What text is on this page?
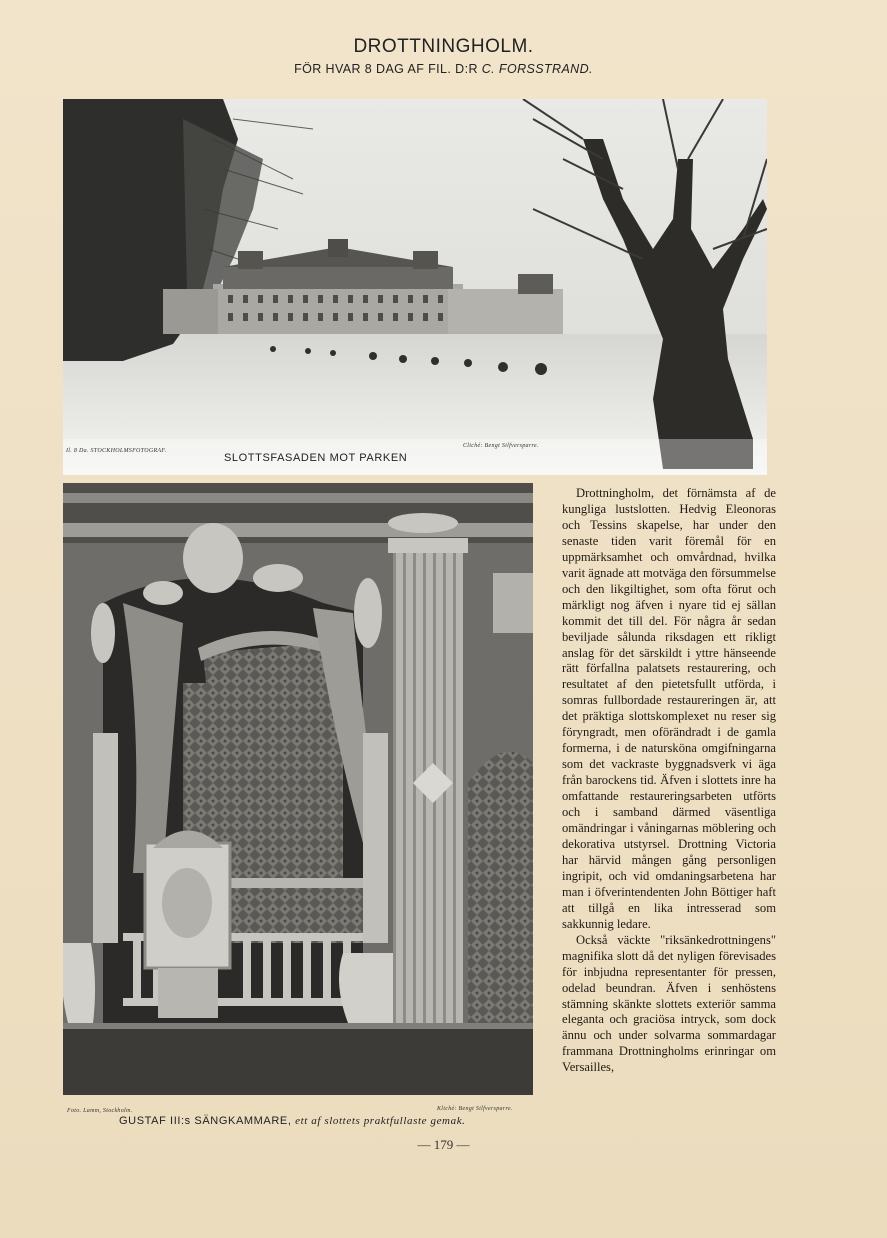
DROTTNINGHOLM.
FÖR HVAR 8 DAG AF FIL. D:R C. FORSSTRAND.
Il. 8 Da. STOCKHOLMSFOTOGRAF.
SLOTTSFASADEN MOT PARKEN
Cliché: Bengt Silfversparre.
Foto. Lamm, Stockholm.	Kliché: Bengt Silfversparre.
GUSTAF III:s SÄNGKAMMARE, ett af slottets praktfullaste gemak.

Drottningholm, det förnämsta af de kungliga lustslotten. Hedvig Eleonoras och Tessins skapelse, har under den senaste tiden varit föremål för en uppmärksamhet och omvårdnad, hvilka varit ägnade att motväga den försummelse och den likgiltighet, som ofta förut och märkligt nog äfven i nyare tid ej sällan kommit det till del. För några år sedan beviljade sålunda riksdagen ett rikligt anslag för det särskildt i yttre hänseende rätt förfallna palatsets restaurering, och resultatet af den pietetsfullt utförda, i somras fullbordade restaureringen är, att det präktiga slottskomplexet nu reser sig föryngradt, men oförändradt i de gamla formerna, i de natursköna omgifningarna som det vackraste byggnadsverk vi äga från barockens tid. Äfven i slottets inre ha omfattande restaureringsarbeten utförts och i samband därmed väsentliga omändringar i våningarnas möblering och dekorativa utstyrsel. Drottning Victoria har härvid mången gång personligen ingripit, och vid omdaningsarbetena har man i öfverintendenten John Böttiger haft att tillgå en lika intresserad som sakkunnig ledare.

Också väckte "riksänkedrottningens" magnifika slott då det nyligen förevisades för inbjudna representanter för pressen, odelad beundran. Äfven i senhöstens stämning skänkte slottets exteriör samma eleganta och graciösa intryck, som dock ännu och under solvarma sommardagar frammana Drottningholms erinringar om Versailles,

— 179 —
